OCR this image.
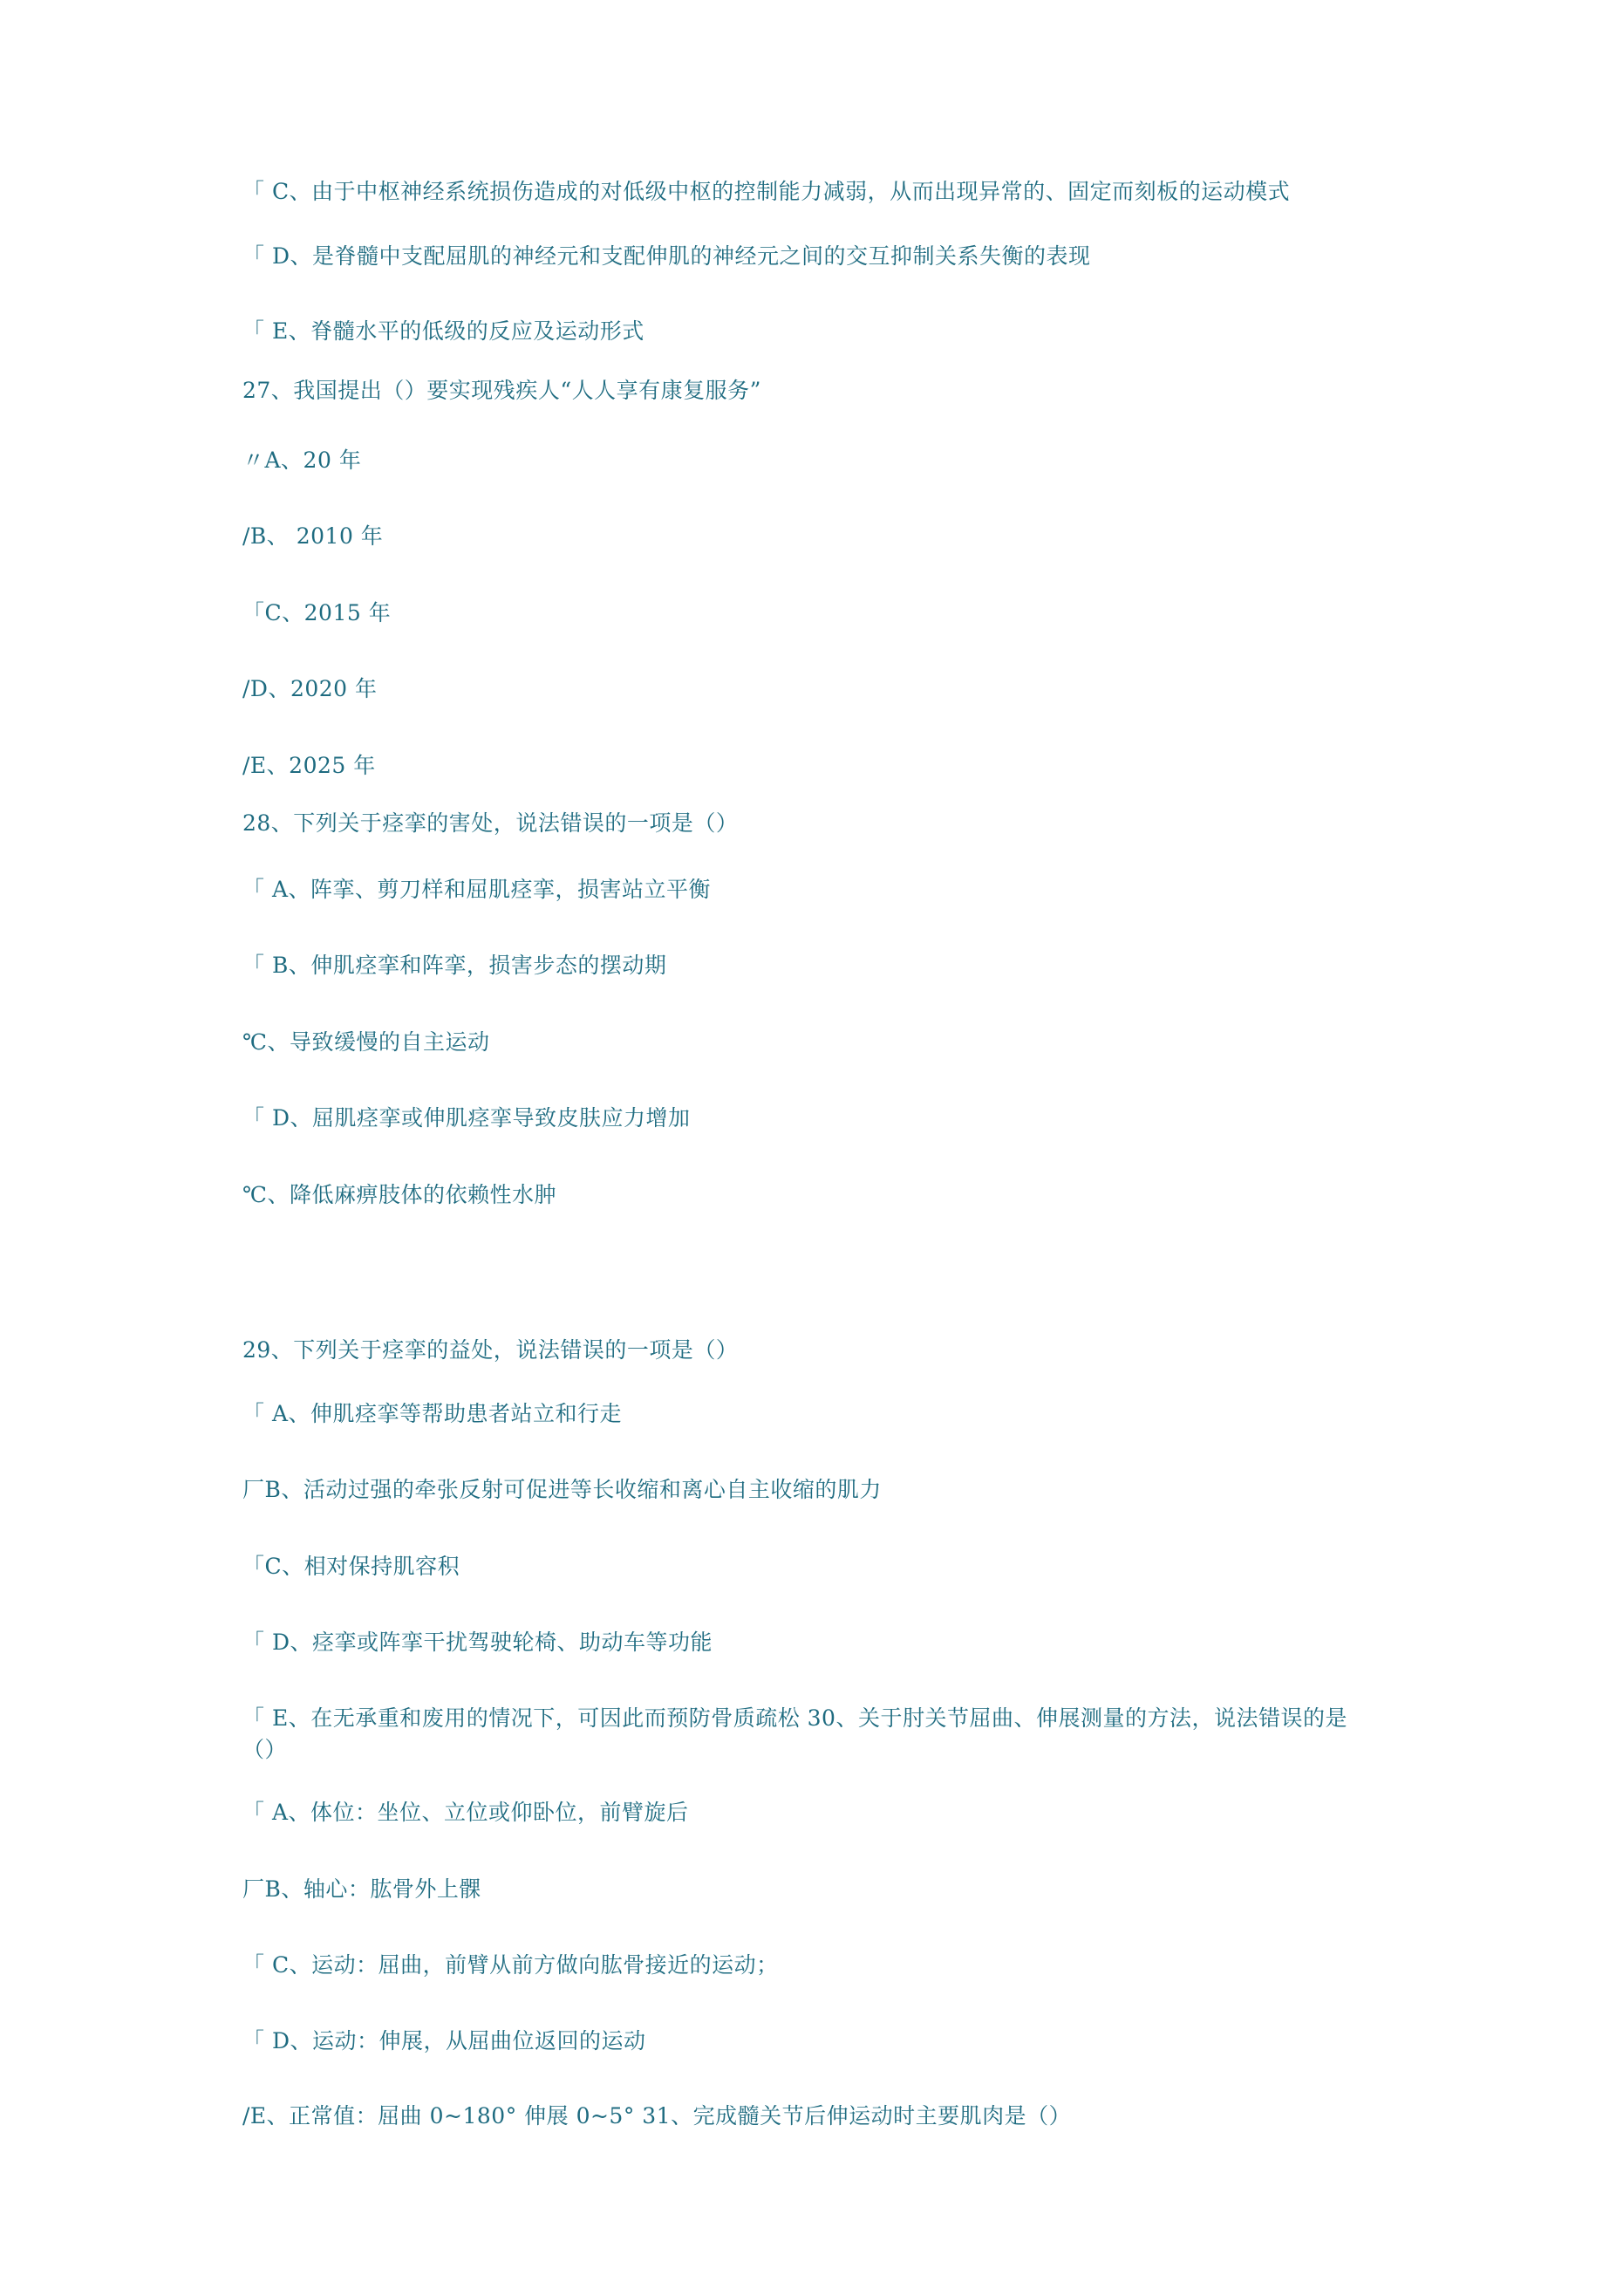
「 C、由于中枢神经系统损伤造成的对低级中枢的控制能力减弱，从而出现异常的、固定而刻板的运动模式
「 D、是脊髓中支配屈肌的神经元和支配伸肌的神经元之间的交互抑制关系失衡的表现
「 E、脊髓水平的低级的反应及运动形式
27、我国提出（）要实现残疾人“人人享有康复服务”
〃A、20 年
/B、 2010 年
「C、2015 年
/D、2020 年
/E、2025 年
28、下列关于痉挛的害处，说法错误的一项是（）
「 A、阵挛、剪刀样和屈肌痉挛，损害站立平衡
「 B、伸肌痉挛和阵挛，损害步态的摆动期
℃、导致缓慢的自主运动
「 D、屈肌痉挛或伸肌痉挛导致皮肤应力增加
℃、降低麻痹肢体的依赖性水肿
29、下列关于痉挛的益处，说法错误的一项是（）
「 A、伸肌痉挛等帮助患者站立和行走
厂B、活动过强的牵张反射可促进等长收缩和离心自主收缩的肌力
「C、相对保持肌容积
「 D、痉挛或阵挛干扰驾驶轮椅、助动车等功能
「 E、在无承重和废用的情况下，可因此而预防骨质疏松 30、关于肘关节屈曲、伸展测量的方法，说法错误的是（）
「 A、体位：坐位、立位或仰卧位，前臂旋后
厂B、轴心：肱骨外上髁
「 C、运动：屈曲，前臂从前方做向肱骨接近的运动；
「 D、运动：伸展，从屈曲位返回的运动
/E、正常值：屈曲 0~180° 伸展 0~5° 31、完成髓关节后伸运动时主要肌肉是（）
